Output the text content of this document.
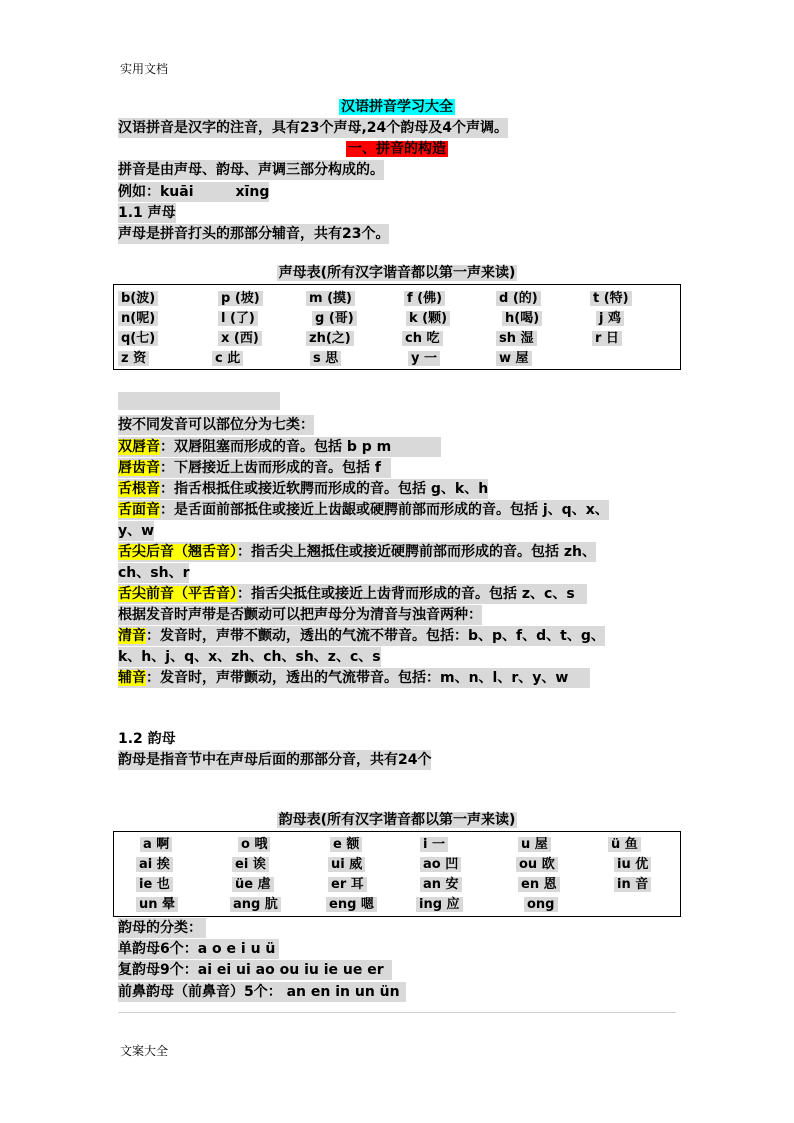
实用文档
汉语拼音学习大全
汉语拼音是汉字的注音，具有23个声母,24个韵母及4个声调。
一、拼音的构造
拼音是由声母、韵母、声调三部分构成的。
例如：kuāi　　　xīng
1.1 声母
声母是拼音打头的那部分辅音，共有23个。
声母表(所有汉字谐音都以第一声来读)
b(波)	p (坡)	m (摸)	f (佛)	d (的)	t (特)
n(呢)	l (了)	g (哥)	k (颗)	h(喝)	j 鸡
q(七)	x (西)	zh(之)	ch 吃	sh 湿	r 日
z 资	c 此	s 思	y 一	w 屋
按不同发音可以部位分为七类：
双唇音：双唇阻塞而形成的音。包括 b p m
唇齿音：下唇接近上齿而形成的音。包括 f
舌根音：指舌根抵住或接近软腭而形成的音。包括 g、k、h
舌面音：是舌面前部抵住或接近上齿龈或硬腭前部而形成的音。包括 j、q、x、
y、w
舌尖后音（翘舌音）：指舌尖上翘抵住或接近硬腭前部而形成的音。包括 zh、
ch、sh、r
舌尖前音（平舌音）：指舌尖抵住或接近上齿背而形成的音。包括 z、c、s
根据发音时声带是否颤动可以把声母分为清音与浊音两种：
清音：发音时，声带不颤动，透出的气流不带音。包括：b、p、f、d、t、g、
k、h、j、q、x、zh、ch、sh、z、c、s
辅音：发音时，声带颤动，透出的气流带音。包括：m、n、l、r、y、w
1.2 韵母
韵母是指音节中在声母后面的那部分音，共有24个
韵母表(所有汉字谐音都以第一声来读)
a 啊	o 哦	e 额	i 一	u 屋	ü 鱼
ai 挨	ei 诶	ui 威	ao 凹	ou 欧	iu 优
ie 也	üe 虐	er 耳	an 安	en 恩	in 音
un 晕	ang 肮	eng 嗯	ing 应	ong
韵母的分类：
单韵母6个：a o e i u ü
复韵母9个：ai ei ui ao ou iu ie ue er
前鼻韵母（前鼻音）5个： an en in un ün
文案大全
